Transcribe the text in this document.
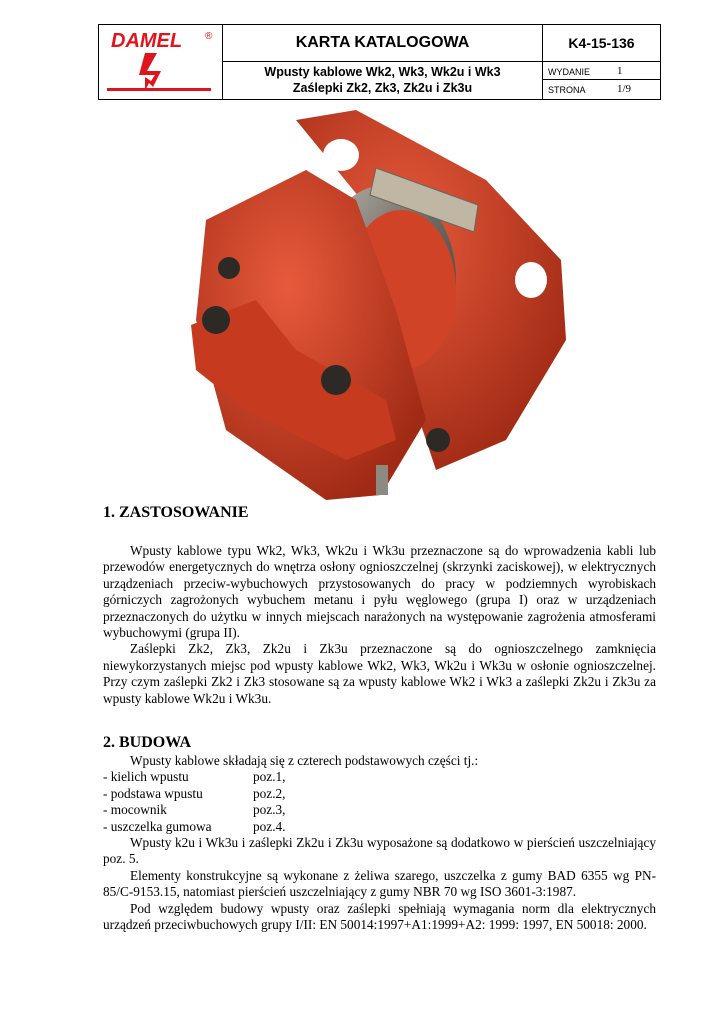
DAMEL ®	KARTA KATALOGOWA	K4-15-136
Wpusty kablowe Wk2, Wk3, Wk2u i Wk3
Zaślepki Zk2, Zk3, Zk2u i Zk3u
WYDANIE 1
STRONA	1/9
1. ZASTOSOWANIE

Wpusty kablowe typu Wk2, Wk3, Wk2u i Wk3u przeznaczone są do wprowadzenia kabli lub przewodów energetycznych do wnętrza osłony ognioszczelnej (skrzynki zaciskowej), w elektrycznych urządzeniach przeciw-wybuchowych przystosowanych do pracy w podziemnych wyrobiskach górniczych zagrożonych wybuchem metanu i pyłu węglowego (grupa I) oraz w urządzeniach przeznaczonych do użytku w innych miejscach narażonych na występowanie zagrożenia atmosferami wybuchowymi (grupa II).

Zaślepki Zk2, Zk3, Zk2u i Zk3u przeznaczone są do ognioszczelnego zamknięcia niewykorzystanych miejsc pod wpusty kablowe Wk2, Wk3, Wk2u i Wk3u w osłonie ognioszczelnej. Przy czym zaślepki Zk2 i Zk3 stosowane są za wpusty kablowe Wk2 i Wk3 a zaślepki Zk2u i Zk3u za wpusty kablowe Wk2u i Wk3u.

2. BUDOWA

Wpusty kablowe składają się z czterech podstawowych części tj.:

- kielich wpustu	poz.1,
- podstawa wpustu	poz.2,
- mocownik	poz.3,
- uszczelka gumowa	poz.4.

Wpusty k2u i Wk3u i zaślepki Zk2u i Zk3u wyposażone są dodatkowo w pierścień uszczelniający poz. 5.

Elementy konstrukcyjne są wykonane z żeliwa szarego, uszczelka z gumy BAD 6355 wg PN-85/C-9153.15, natomiast pierścień uszczelniający z gumy NBR 70 wg ISO 3601-3:1987.

Pod względem budowy wpusty oraz zaślepki spełniają wymagania norm dla elektrycznych urządzeń przeciwbuchowych grupy I/II: EN 50014:1997+A1:1999+A2: 1999: 1997, EN 50018: 2000.
